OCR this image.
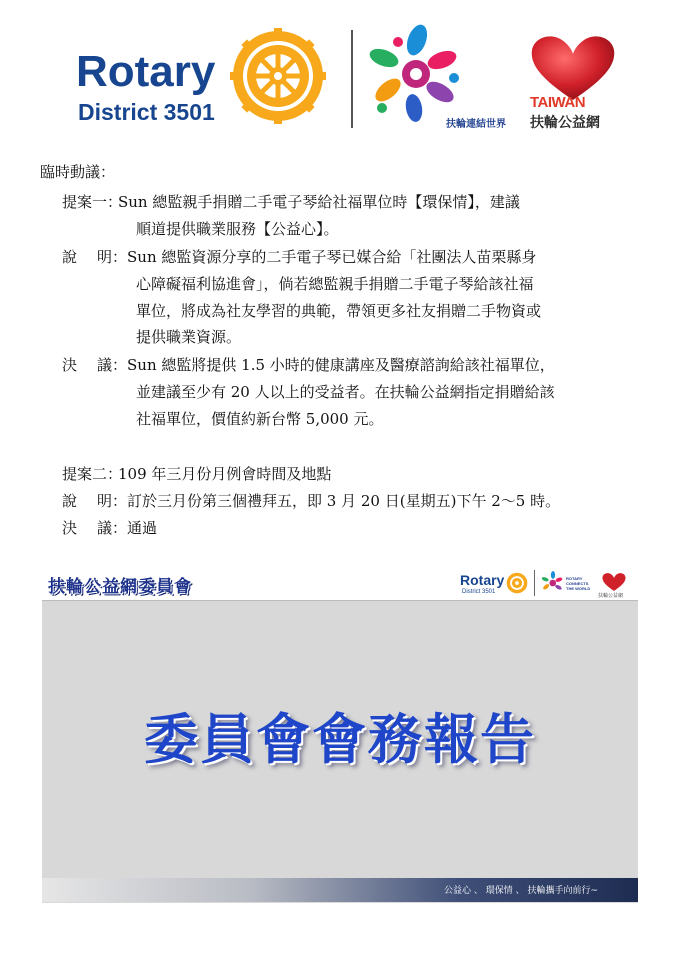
Rotary
District 3501	扶輪連結世界
TAIWAN
扶輪公益網
臨時動議：
提案一：Sun 總監親手捐贈二手電子琴給社福單位時【環保情】，建議
順道提供職業服務【公益心】。
說 明：Sun 總監資源分享的二手電子琴已媒合給「社團法人苗栗縣身
心障礙福利協進會」，倘若總監親手捐贈二手電子琴給該社福
單位，將成為社友學習的典範，帶領更多社友捐贈二手物資或
提供職業資源。
決 議：Sun 總監將提供 1.5 小時的健康講座及醫療諮詢給該社福單位，
並建議至少有 20 人以上的受益者。在扶輪公益網指定捐贈給該
社福單位，價值約新台幣 5,000 元。
提案二：109 年三月份月例會時間及地點
說 明：訂於三月份第三個禮拜五，即 3 月 20 日(星期五)下午 2～5 時。
決 議：通過
扶輪公益網委員會	Rotary
District 3501
ROTARY CONNECTS THE WORLD
扶輪公益網
委員會會務報告
公益心 、 環保情 、 扶輪攜手向前行~
